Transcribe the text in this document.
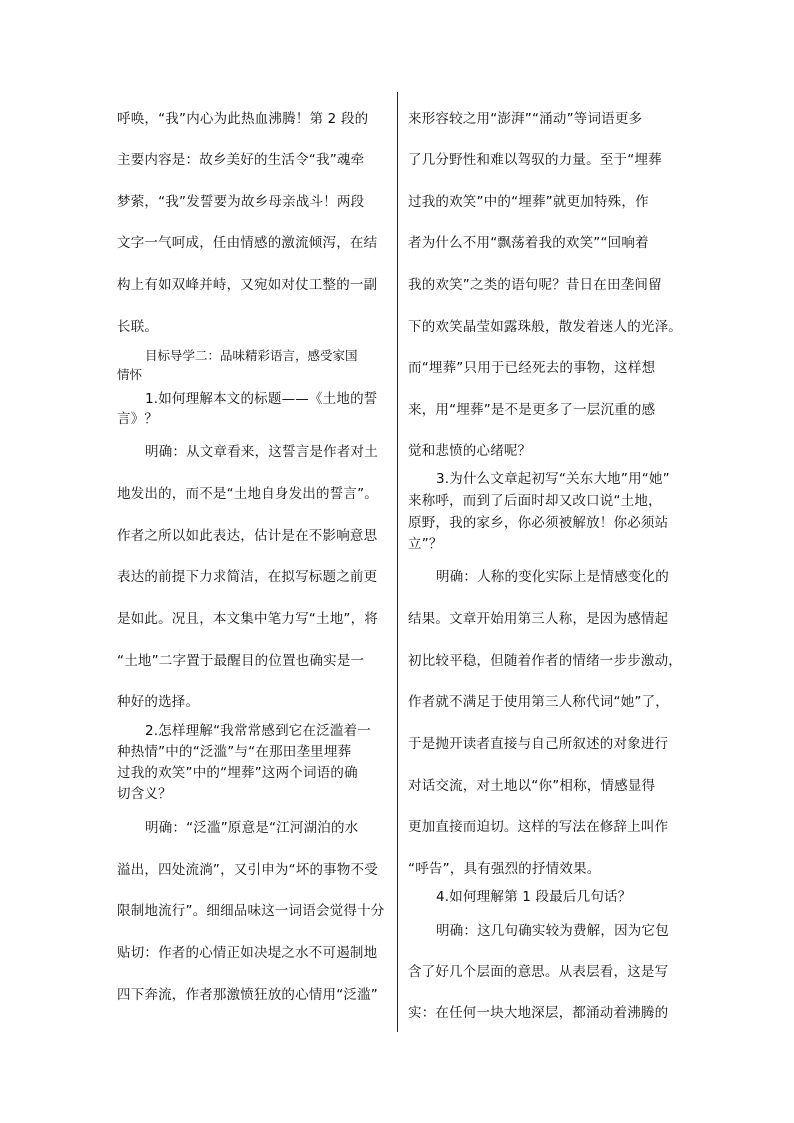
呼唤，“我”内心为此热血沸腾！第 2 段的
主要内容是：故乡美好的生活令“我”魂牵
梦萦，“我”发誓要为故乡母亲战斗！两段
文字一气呵成，任由情感的激流倾泻，在结
构上有如双峰并峙，又宛如对仗工整的一副
长联。
目标导学二：品味精彩语言，感受家国
情怀
1.如何理解本文的标题——《土地的誓
言》？
明确：从文章看来，这誓言是作者对土
地发出的，而不是“土地自身发出的誓言”。
作者之所以如此表达，估计是在不影响意思
表达的前提下力求简洁，在拟写标题之前更
是如此。况且，本文集中笔力写“土地”，将
“土地”二字置于最醒目的位置也确实是一
种好的选择。
2.怎样理解“我常常感到它在泛滥着一
种热情”中的“泛滥”与“在那田垄里埋葬
过我的欢笑”中的“埋葬”这两个词语的确
切含义？
明确：“泛滥”原意是“江河湖泊的水
溢出，四处流淌”，又引申为“坏的事物不受
限制地流行”。细细品味这一词语会觉得十分
贴切：作者的心情正如决堤之水不可遏制地
四下奔流，作者那激愤狂放的心情用“泛滥”
来形容较之用“澎湃”“涌动”等词语更多
了几分野性和难以驾驭的力量。至于“埋葬
过我的欢笑”中的“埋葬”就更加特殊，作
者为什么不用“飘荡着我的欢笑”“回响着
我的欢笑”之类的语句呢？昔日在田垄间留
下的欢笑晶莹如露珠般，散发着迷人的光泽。
而“埋葬”只用于已经死去的事物，这样想
来，用“埋葬”是不是更多了一层沉重的感
觉和悲愤的心绪呢？
3.为什么文章起初写“关东大地”用“她”
来称呼，而到了后面时却又改口说“土地，
原野，我的家乡，你必须被解放！你必须站
立”？
明确：人称的变化实际上是情感变化的
结果。文章开始用第三人称，是因为感情起
初比较平稳，但随着作者的情绪一步步激动，
作者就不满足于使用第三人称代词“她”了，
于是抛开读者直接与自己所叙述的对象进行
对话交流，对土地以“你”相称，情感显得
更加直接而迫切。这样的写法在修辞上叫作
“呼告”，具有强烈的抒情效果。
4.如何理解第 1 段最后几句话？
明确：这几句确实较为费解，因为它包
含了好几个层面的意思。从表层看，这是写
实：在任何一块大地深层，都涌动着沸腾的
